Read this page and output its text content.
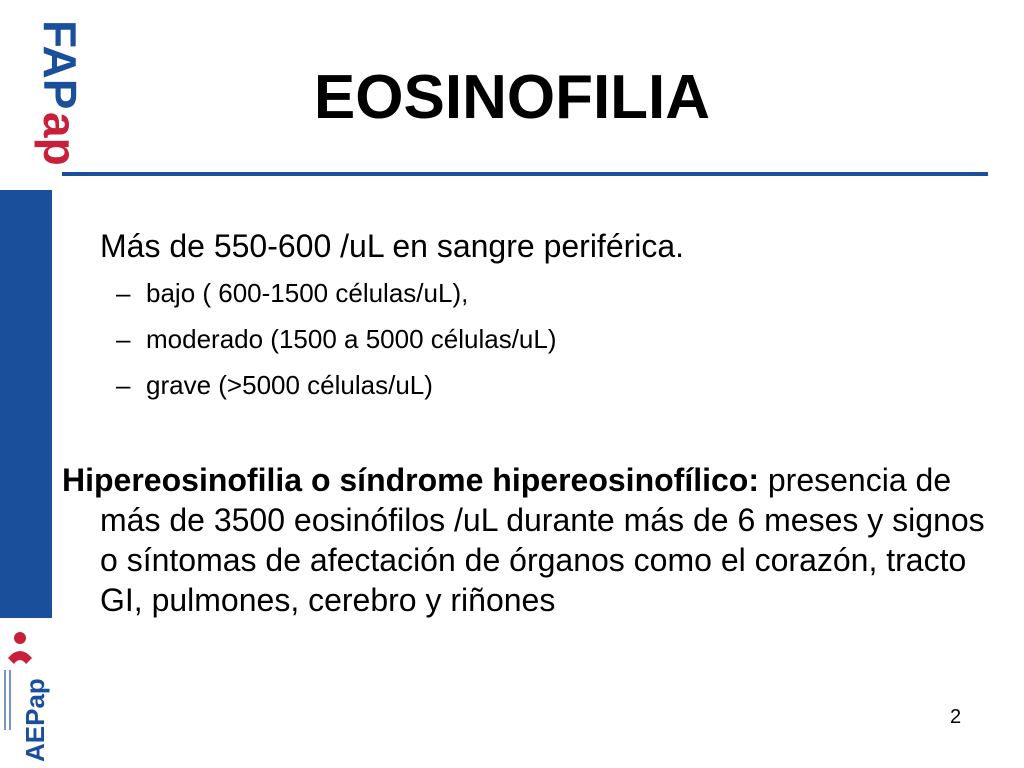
FAP
ap
AEPap
EOSINOFILIA

Más de 550-600 /uL en sangre periférica.

– bajo ( 600-1500 células/uL),

– moderado (1500 a 5000 células/uL)

– grave (>5000 células/uL)

Hipereosinofilia o síndrome hipereosinofílico: presencia de más de 3500 eosinófilos /uL durante más de 6 meses y signos o síntomas de afectación de órganos como el corazón, tracto GI, pulmones, cerebro y riñones

2
